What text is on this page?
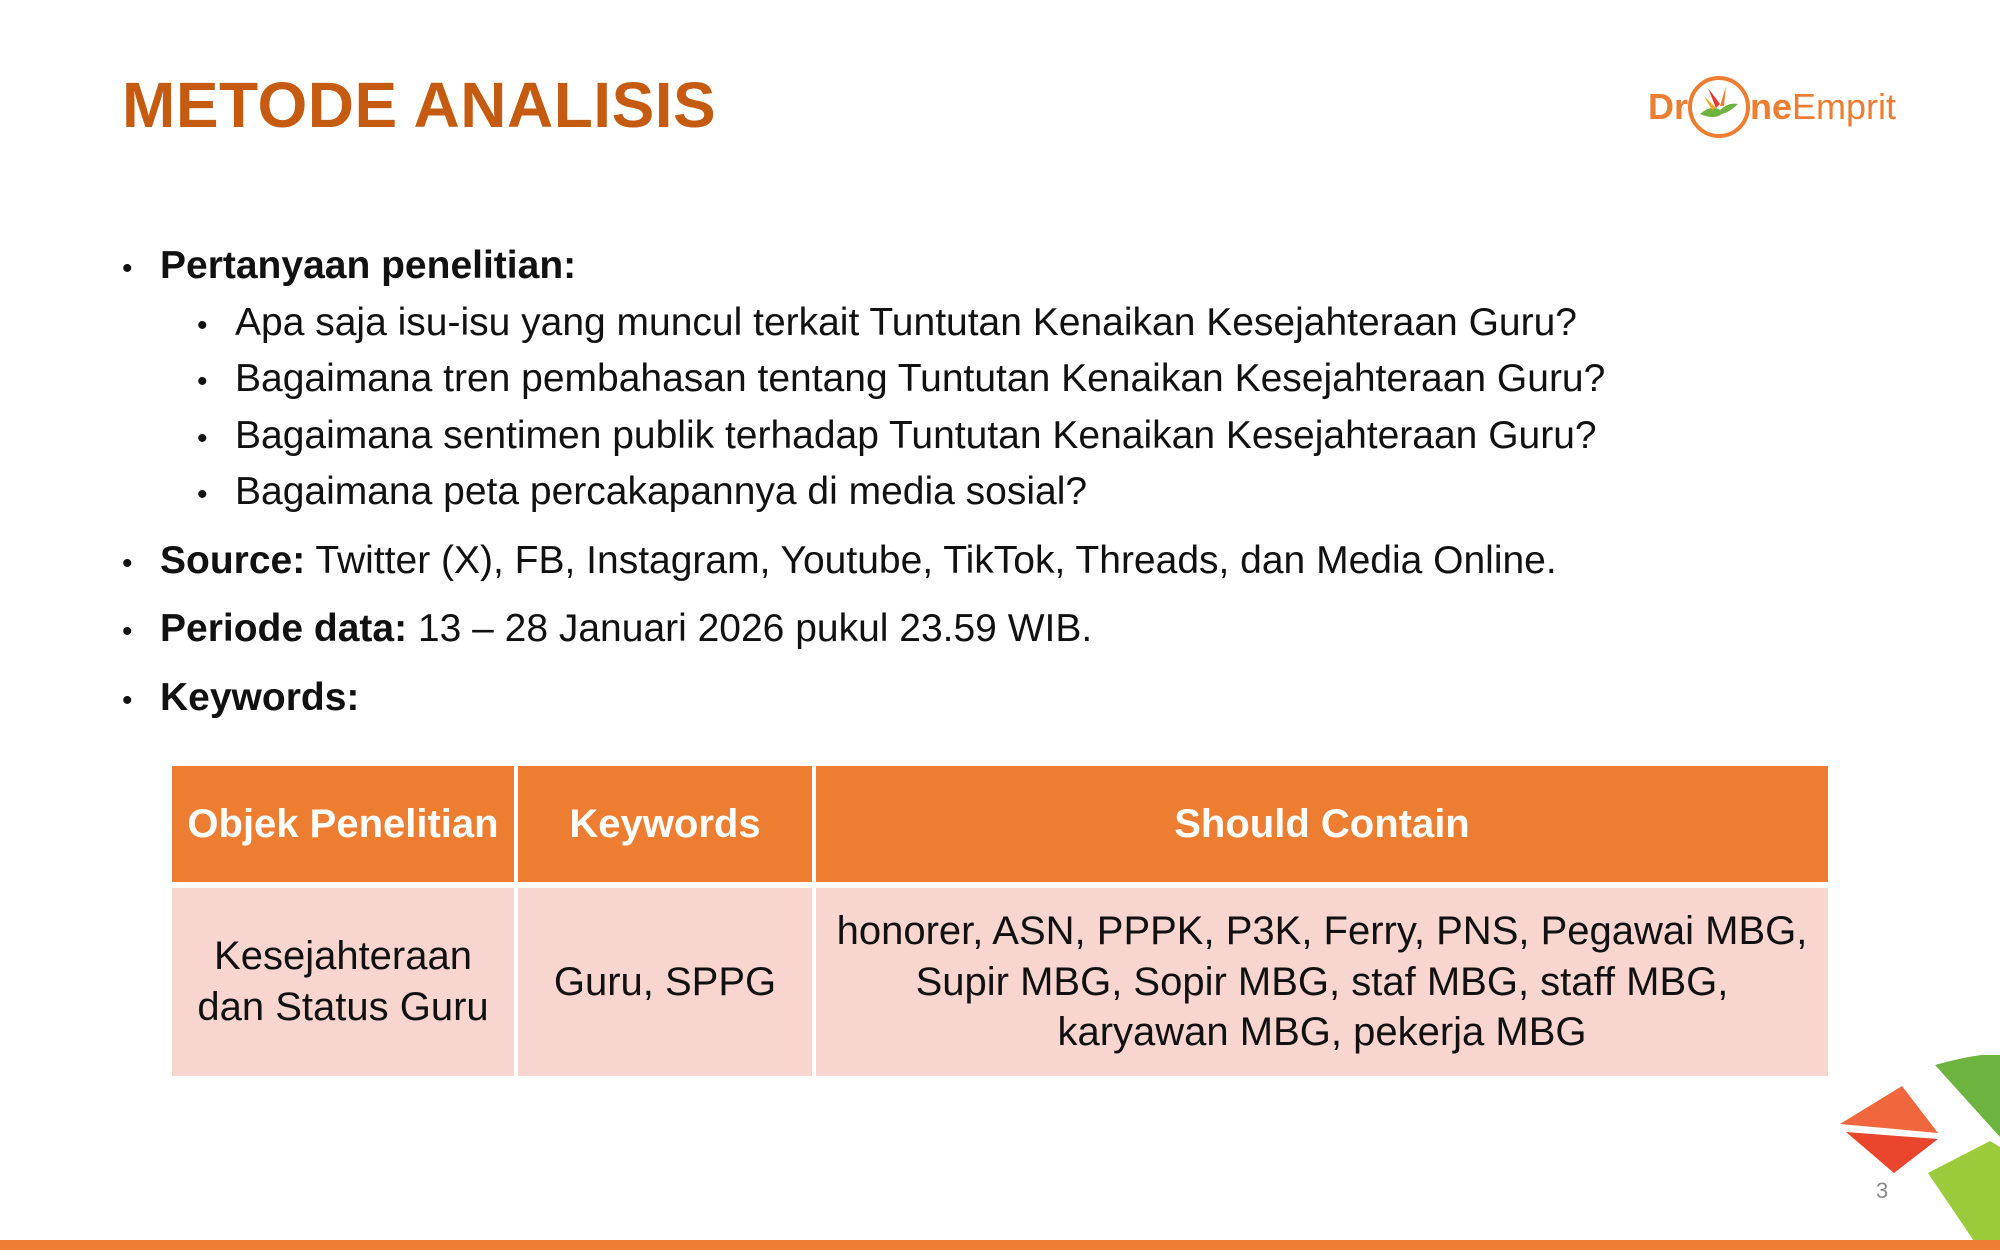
METODE ANALISIS	Dr ne Emprit
• Pertanyaan penelitian:
• Apa saja isu-isu yang muncul terkait Tuntutan Kenaikan Kesejahteraan Guru?
• Bagaimana tren pembahasan tentang Tuntutan Kenaikan Kesejahteraan Guru?
• Bagaimana sentimen publik terhadap Tuntutan Kenaikan Kesejahteraan Guru?
• Bagaimana peta percakapannya di media sosial?
• Source: Twitter (X), FB, Instagram, Youtube, TikTok, Threads, dan Media Online.
• Periode data: 13 – 28 Januari 2026 pukul 23.59 WIB.
• Keywords:
Objek Penelitian	Keywords	Should Contain
Kesejahteraan dan Status Guru	Guru, SPPG	honorer, ASN, PPPK, P3K, Ferry, PNS, Pegawai MBG, Supir MBG, Sopir MBG, staf MBG, staff MBG, karyawan MBG, pekerja MBG
3
